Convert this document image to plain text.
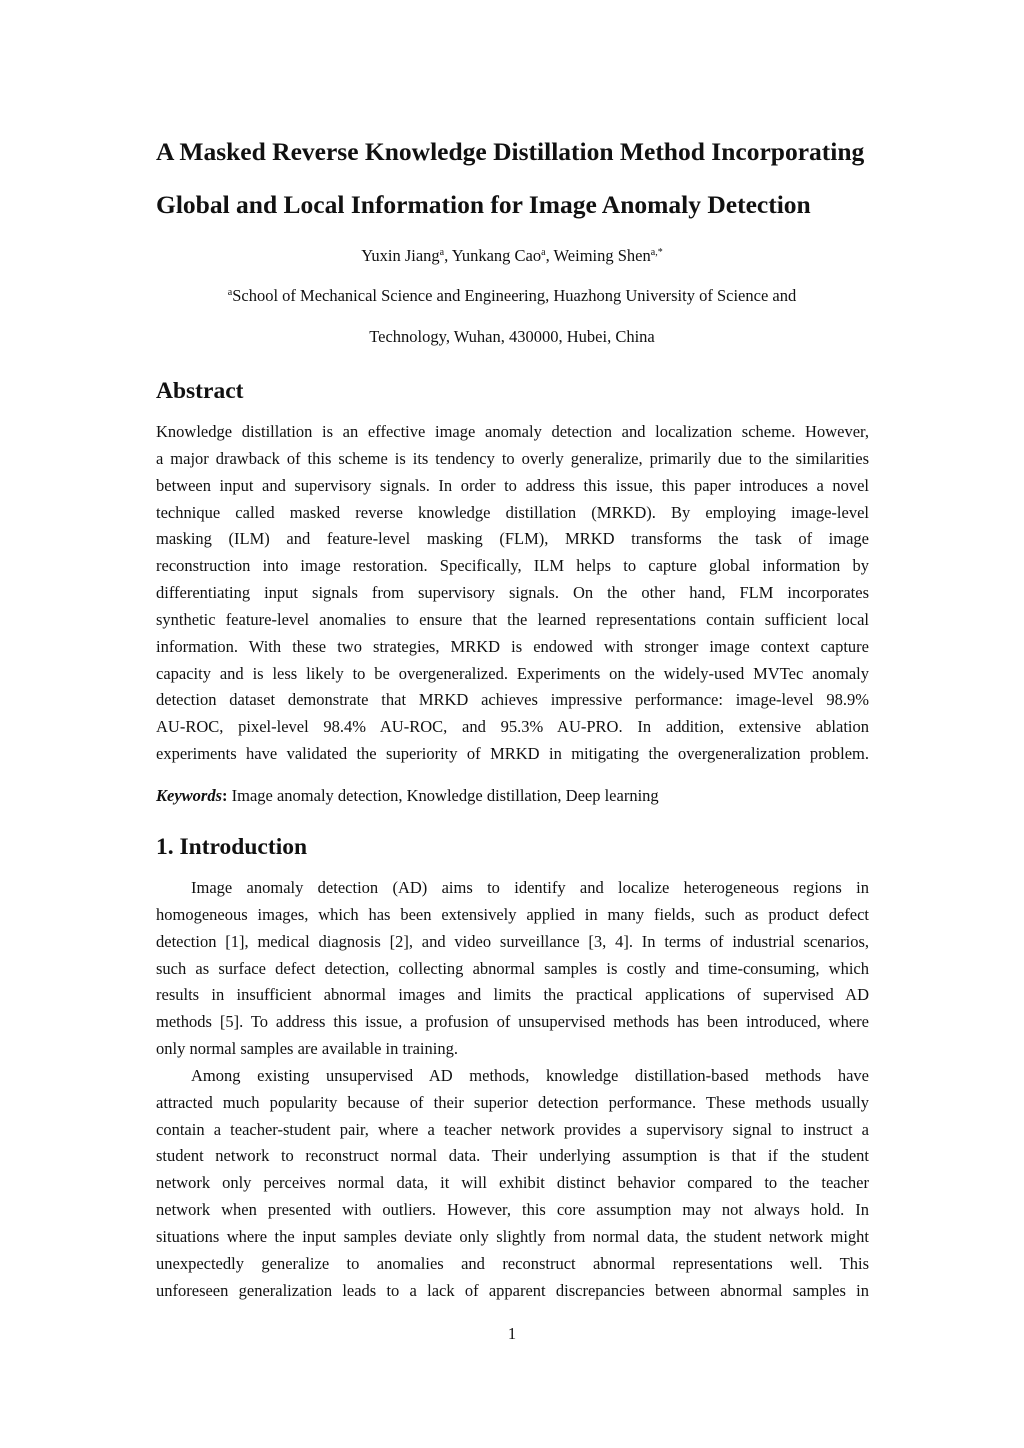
A Masked Reverse Knowledge Distillation Method Incorporating
Global and Local Information for Image Anomaly Detection
Yuxin Jiang$^a$, Yunkang Cao$^a$, Weiming Shen$^{a,*}$
$^a$School of Mechanical Science and Engineering, Huazhong University of Science and
Technology, Wuhan, 430000, Hubei, China
Abstract
Knowledge distillation is an effective image anomaly detection and localization scheme. However,
a major drawback of this scheme is its tendency to overly generalize, primarily due to the similarities
between input and supervisory signals. In order to address this issue, this paper introduces a novel
technique called masked reverse knowledge distillation (MRKD). By employing image-level
masking (ILM) and feature-level masking (FLM), MRKD transforms the task of image
reconstruction into image restoration. Specifically, ILM helps to capture global information by
differentiating input signals from supervisory signals. On the other hand, FLM incorporates
synthetic feature-level anomalies to ensure that the learned representations contain sufficient local
information. With these two strategies, MRKD is endowed with stronger image context capture
capacity and is less likely to be overgeneralized. Experiments on the widely-used MVTec anomaly
detection dataset demonstrate that MRKD achieves impressive performance: image-level 98.9%
AU-ROC, pixel-level 98.4% AU-ROC, and 95.3% AU-PRO. In addition, extensive ablation
experiments have validated the superiority of MRKD in mitigating the overgeneralization problem.
Keywords: Image anomaly detection, Knowledge distillation, Deep learning
1. Introduction
Image anomaly detection (AD) aims to identify and localize heterogeneous regions in
homogeneous images, which has been extensively applied in many fields, such as product defect
detection [1], medical diagnosis [2], and video surveillance [3, 4]. In terms of industrial scenarios,
such as surface defect detection, collecting abnormal samples is costly and time-consuming, which
results in insufficient abnormal images and limits the practical applications of supervised AD
methods [5]. To address this issue, a profusion of unsupervised methods has been introduced, where
only normal samples are available in training.
Among existing unsupervised AD methods, knowledge distillation-based methods have
attracted much popularity because of their superior detection performance. These methods usually
contain a teacher-student pair, where a teacher network provides a supervisory signal to instruct a
student network to reconstruct normal data. Their underlying assumption is that if the student
network only perceives normal data, it will exhibit distinct behavior compared to the teacher
network when presented with outliers. However, this core assumption may not always hold. In
situations where the input samples deviate only slightly from normal data, the student network might
unexpectedly generalize to anomalies and reconstruct abnormal representations well. This
unforeseen generalization leads to a lack of apparent discrepancies between abnormal samples in
1
